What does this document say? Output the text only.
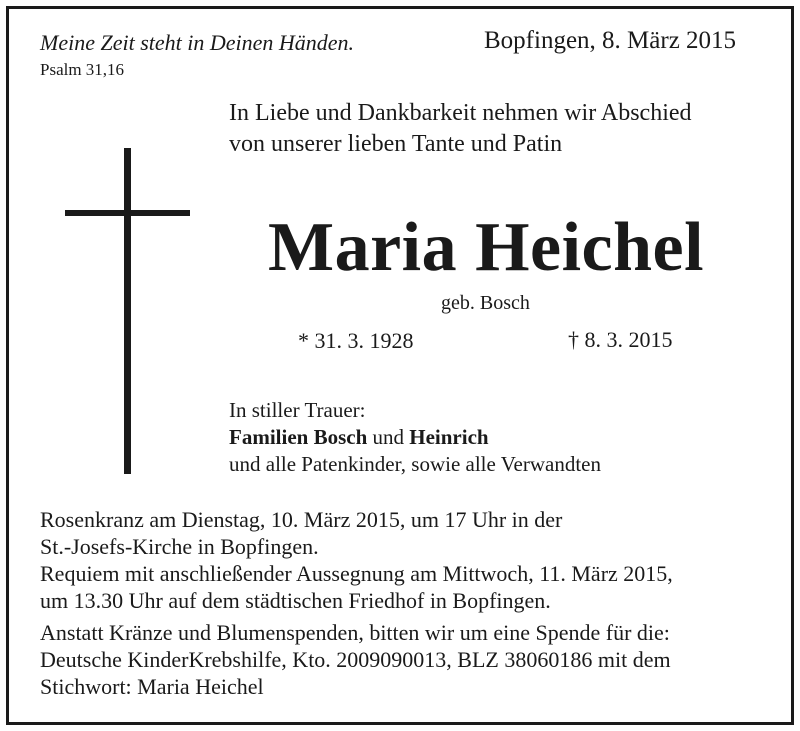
Meine Zeit steht in Deinen Händen.
Psalm 31,16
Bopfingen, 8. März 2015
In Liebe und Dankbarkeit nehmen wir Abschied
von unserer lieben Tante und Patin
Maria Heichel
geb. Bosch
* 31. 3. 1928	† 8. 3. 2015
In stiller Trauer:
Familien Bosch und Heinrich
und alle Patenkinder, sowie alle Verwandten
Rosenkranz am Dienstag, 10. März 2015, um 17 Uhr in der
St.-Josefs-Kirche in Bopfingen.
Requiem mit anschließender Aussegnung am Mittwoch, 11. März 2015,
um 13.30 Uhr auf dem städtischen Friedhof in Bopfingen.
Anstatt Kränze und Blumenspenden, bitten wir um eine Spende für die:
Deutsche KinderKrebshilfe, Kto. 2009090013, BLZ 38060186 mit dem
Stichwort: Maria Heichel
